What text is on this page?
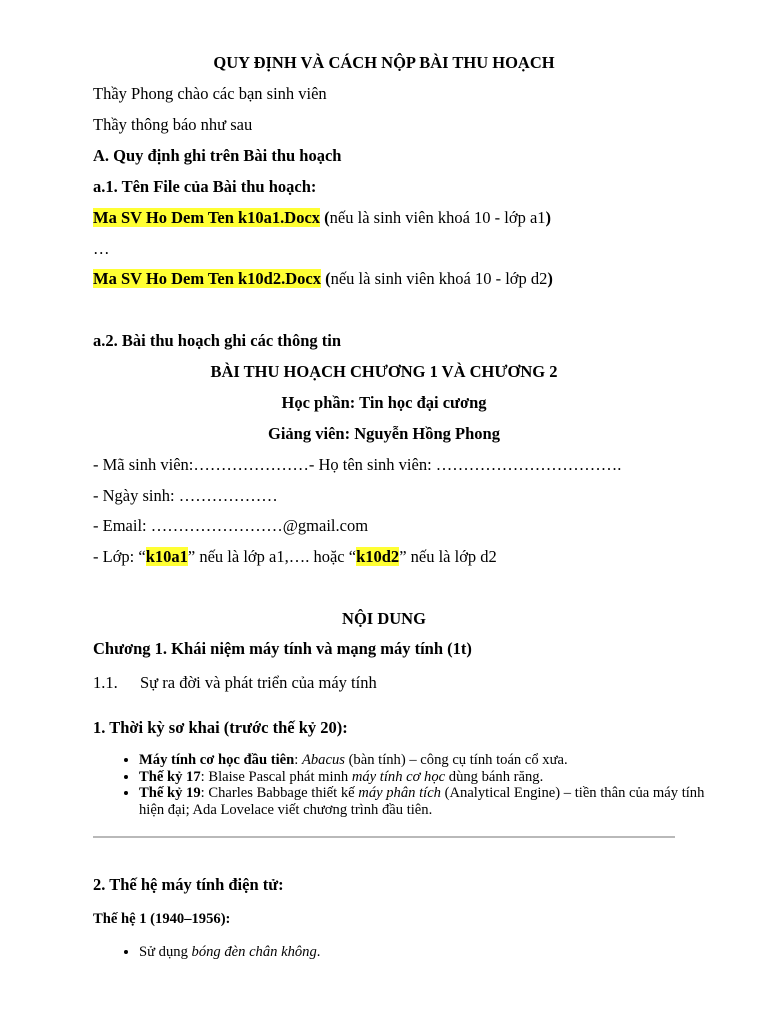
QUY ĐỊNH VÀ CÁCH NỘP BÀI THU HOẠCH
Thầy Phong chào các bạn sinh viên
Thầy thông báo như sau
A. Quy định ghi trên Bài thu hoạch
a.1. Tên File của Bài thu hoạch:
Ma SV Ho Dem Ten k10a1.Docx (nếu là sinh viên khoá 10 - lớp a1)
…
Ma SV Ho Dem Ten k10d2.Docx (nếu là sinh viên khoá 10 - lớp d2)
a.2. Bài thu hoạch ghi các thông tin
BÀI THU HOẠCH CHƯƠNG 1 VÀ CHƯƠNG 2
Học phần: Tin học đại cương
Giảng viên: Nguyễn Hồng Phong
- Mã sinh viên:…………………- Họ tên sinh viên: …………………………….
- Ngày sinh: ………………
- Email: ……………………@gmail.com
- Lớp: “k10a1” nếu là lớp a1,…. hoặc “k10d2” nếu là lớp d2
NỘI DUNG
Chương 1. Khái niệm máy tính và mạng máy tính (1t)
1.1. Sự ra đời và phát triển của máy tính
1. Thời kỳ sơ khai (trước thế kỷ 20):
• Máy tính cơ học đầu tiên: Abacus (bàn tính) – công cụ tính toán cổ xưa.
• Thế kỷ 17: Blaise Pascal phát minh máy tính cơ học dùng bánh răng.
• Thế kỷ 19: Charles Babbage thiết kế máy phân tích (Analytical Engine) – tiền thân của máy tính hiện đại; Ada Lovelace viết chương trình đầu tiên.
2. Thế hệ máy tính điện tử:
Thế hệ 1 (1940–1956):
• Sử dụng bóng đèn chân không.
